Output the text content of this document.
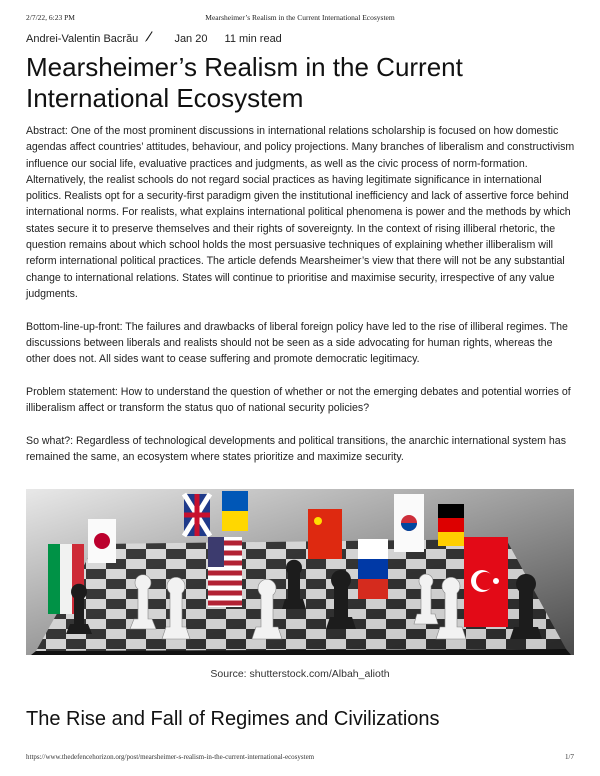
2/7/22, 6:23 PM	Mearsheimer’s Realism in the Current International Ecosystem
Andrei-Valentin Bacrău	Jan 20 11 min read
Mearsheimer’s Realism in the Current International Ecosystem

Abstract: One of the most prominent discussions in international relations scholarship is focused on how domestic agendas affect countries’ attitudes, behaviour, and policy projections. Many branches of liberalism and constructivism influence our social life, evaluative practices and judgments, as well as the civic process of norm-formation. Alternatively, the realist schools do not regard social practices as having legitimate significance in international politics. Realists opt for a security-first paradigm given the institutional inefficiency and lack of assertive force behind international norms. For realists, what explains international political phenomena is power and the methods by which states secure it to preserve themselves and their rights of sovereignty. In the context of rising illiberal rhetoric, the question remains about which school holds the most persuasive techniques of explaining whether illiberalism will reform international political practices. The article defends Mearsheimer’s view that there will not be any substantial change to international relations. States will continue to prioritise and maximise security, irrespective of any value judgments.

Bottom-line-up-front: The failures and drawbacks of liberal foreign policy have led to the rise of illiberal regimes. The discussions between liberals and realists should not be seen as a side advocating for human rights, whereas the other does not. All sides want to cease suffering and promote democratic legitimacy.

Problem statement: How to understand the question of whether or not the emerging debates and potential worries of illiberalism affect or transform the status quo of national security policies?

So what?: Regardless of technological developments and political transitions, the anarchic international system has remained the same, an ecosystem where states prioritize and maximize security.

Source: shutterstock.com/Albah_alioth
The Rise and Fall of Regimes and Civilizations
https://www.thedefencehorizon.org/post/mearsheimer-s-realism-in-the-current-international-ecosystem	1/7
